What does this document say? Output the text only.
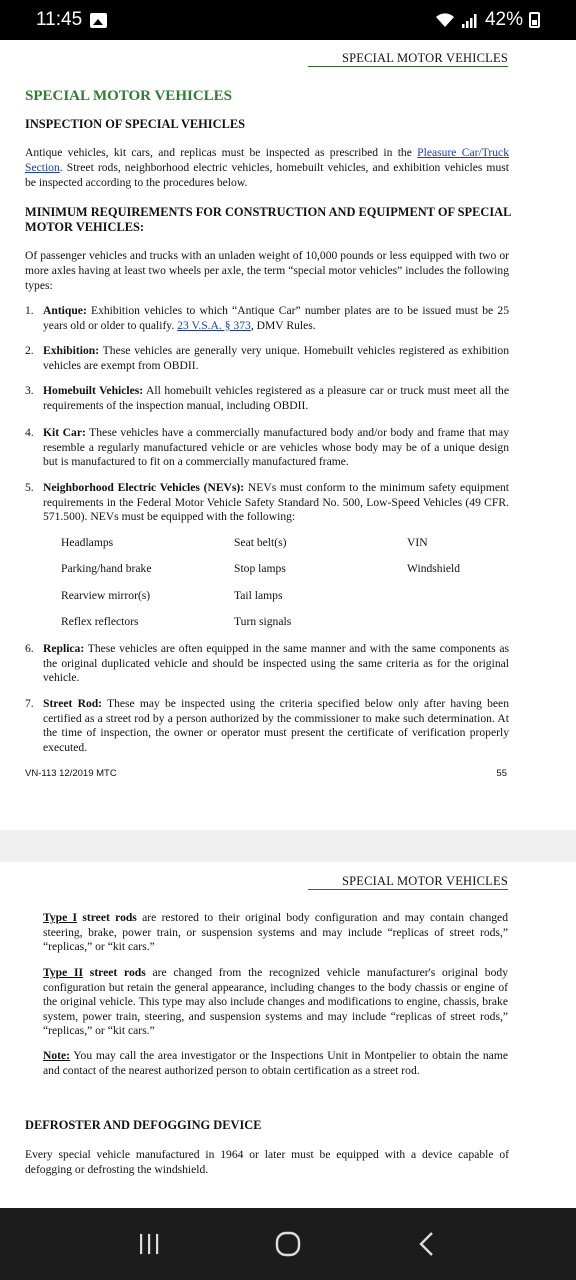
11:45	42%
SPECIAL MOTOR VEHICLES
SPECIAL MOTOR VEHICLES
INSPECTION OF SPECIAL VEHICLES
Antique vehicles, kit cars, and replicas must be inspected as prescribed in the Pleasure Car/Truck Section. Street rods, neighborhood electric vehicles, homebuilt vehicles, and exhibition vehicles must be inspected according to the procedures below.
MINIMUM REQUIREMENTS FOR CONSTRUCTION AND EQUIPMENT OF SPECIAL MOTOR VEHICLES:
Of passenger vehicles and trucks with an unladen weight of 10,000 pounds or less equipped with two or more axles having at least two wheels per axle, the term “special motor vehicles” includes the following types:
1. Antique: Exhibition vehicles to which “Antique Car” number plates are to be issued must be 25 years old or older to qualify. 23 V.S.A. § 373, DMV Rules.
2. Exhibition: These vehicles are generally very unique. Homebuilt vehicles registered as exhibition vehicles are exempt from OBDII.
3. Homebuilt Vehicles: All homebuilt vehicles registered as a pleasure car or truck must meet all the requirements of the inspection manual, including OBDII.
4. Kit Car: These vehicles have a commercially manufactured body and/or body and frame that may resemble a regularly manufactured vehicle or are vehicles whose body may be of a unique design but is manufactured to fit on a commercially manufactured frame.
5. Neighborhood Electric Vehicles (NEVs): NEVs must conform to the minimum safety equipment requirements in the Federal Motor Vehicle Safety Standard No. 500, Low-Speed Vehicles (49 CFR. 571.500). NEVs must be equipped with the following:
Headlamps	Seat belt(s)	VIN
Parking/hand brake	Stop lamps	Windshield
Rearview mirror(s)	Tail lamps
Reflex reflectors	Turn signals
6. Replica: These vehicles are often equipped in the same manner and with the same components as the original duplicated vehicle and should be inspected using the same criteria as for the original vehicle.
7. Street Rod: These may be inspected using the criteria specified below only after having been certified as a street rod by a person authorized by the commissioner to make such determination. At the time of inspection, the owner or operator must present the certificate of verification properly executed.
VN-113 12/2019 MTC	55
SPECIAL MOTOR VEHICLES
Type I street rods are restored to their original body configuration and may contain changed steering, brake, power train, or suspension systems and may include “replicas of street rods,” “replicas,” or “kit cars.”
Type II street rods are changed from the recognized vehicle manufacturer's original body configuration but retain the general appearance, including changes to the body chassis or engine of the original vehicle. This type may also include changes and modifications to engine, chassis, brake system, power train, steering, and suspension systems and may include “replicas of street rods,” “replicas,” or “kit cars.”
Note: You may call the area investigator or the Inspections Unit in Montpelier to obtain the name and contact of the nearest authorized person to obtain certification as a street rod.
DEFROSTER AND DEFOGGING DEVICE
Every special vehicle manufactured in 1964 or later must be equipped with a device capable of defogging or defrosting the windshield.
